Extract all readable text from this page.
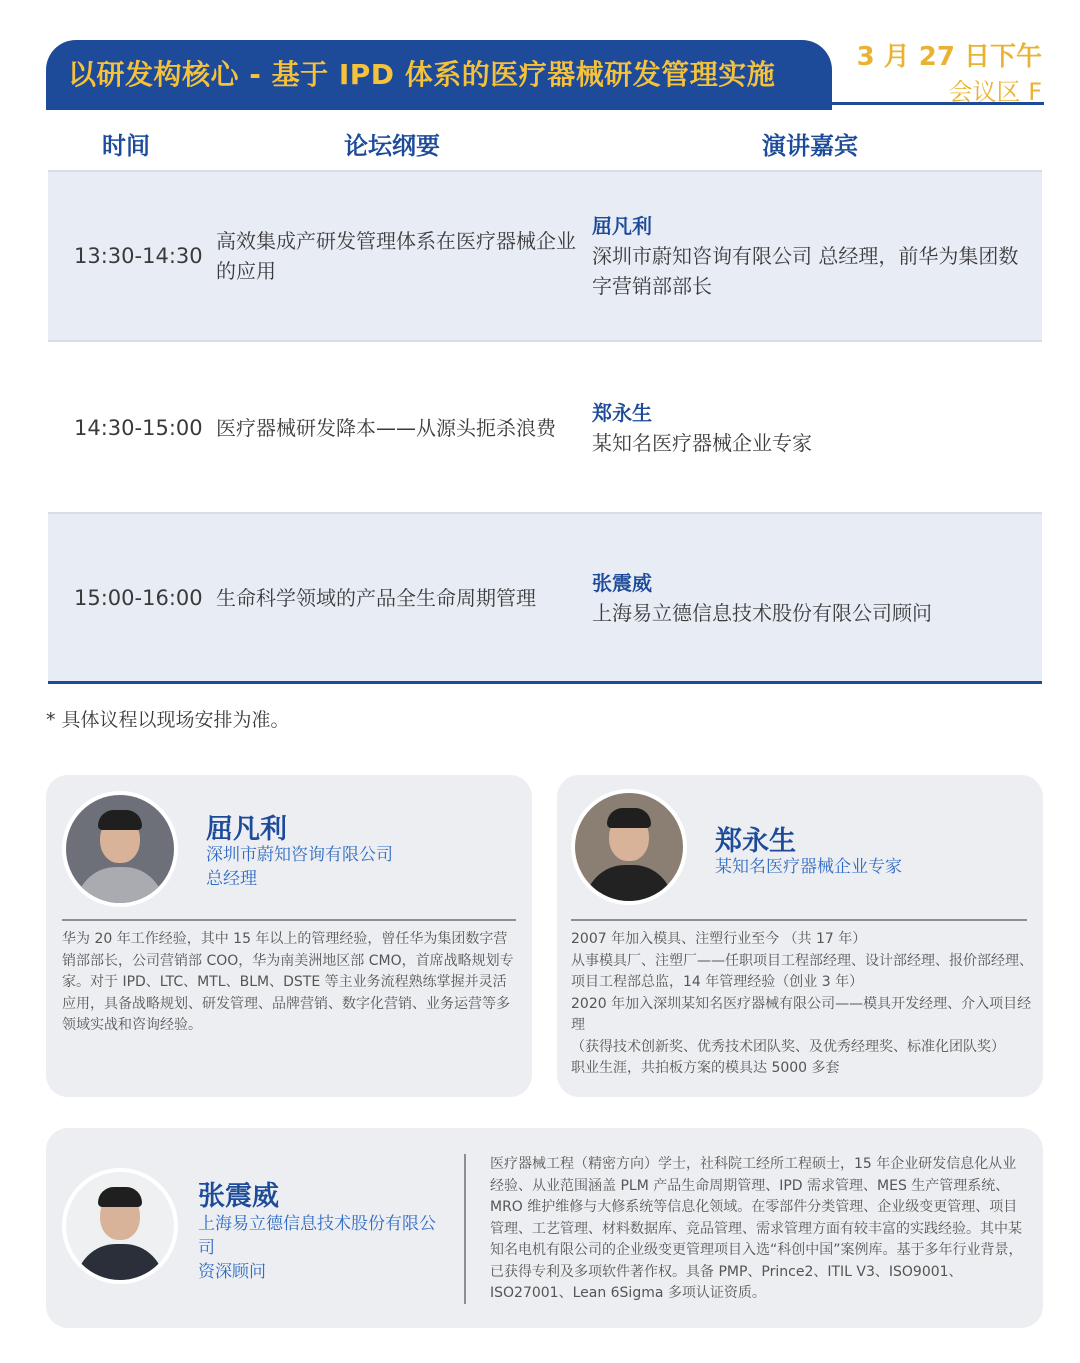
以研发构核心 - 基于 IPD 体系的医疗器械研发管理实施
3 月 27 日下午
会议区 F
时间	论坛纲要	演讲嘉宾
13:30-14:30
高效集成产研发管理体系在医疗器械企业的应用
屈凡利
深圳市蔚知咨询有限公司 总经理，前华为集团数字营销部部长
14:30-15:00 医疗器械研发降本——从源头扼杀浪费
郑永生
某知名医疗器械企业专家
15:00-16:00 生命科学领域的产品全生命周期管理
张震威
上海易立德信息技术股份有限公司顾问
* 具体议程以现场安排为准。
屈凡利
深圳市蔚知咨询有限公司
总经理
华为 20 年工作经验，其中 15 年以上的管理经验，曾任华为集团数字营销部部长，公司营销部 COO，华为南美洲地区部 CMO，首席战略规划专家。对于 IPD、LTC、MTL、BLM、DSTE 等主业务流程熟练掌握并灵活应用，具备战略规划、研发管理、品牌营销、数字化营销、业务运营等多领域实战和咨询经验。
郑永生
某知名医疗器械企业专家
2007 年加入模具、注塑行业至今 （共 17 年）
从事模具厂、注塑厂——任职项目工程部经理、设计部经理、报价部经理、
项目工程部总监，14 年管理经验（创业 3 年）
2020 年加入深圳某知名医疗器械有限公司——模具开发经理、介入项目经理
（获得技术创新奖、优秀技术团队奖、及优秀经理奖、标准化团队奖）
职业生涯，共拍板方案的模具达 5000 多套
张震威
上海易立德信息技术股份有限公司
资深顾问
医疗器械工程（精密方向）学士，社科院工经所工程硕士，15 年企业研发信息化从业经验、从业范围涵盖 PLM 产品生命周期管理、IPD 需求管理、MES 生产管理系统、MRO 维护维修与大修系统等信息化领域。在零部件分类管理、企业级变更管理、项目管理、工艺管理、材料数据库、竞品管理、需求管理方面有较丰富的实践经验。其中某知名电机有限公司的企业级变更管理项目入选“科创中国”案例库。基于多年行业背景，已获得专利及多项软件著作权。具备 PMP、Prince2、ITIL V3、ISO9001、ISO27001、Lean 6Sigma 多项认证资质。
